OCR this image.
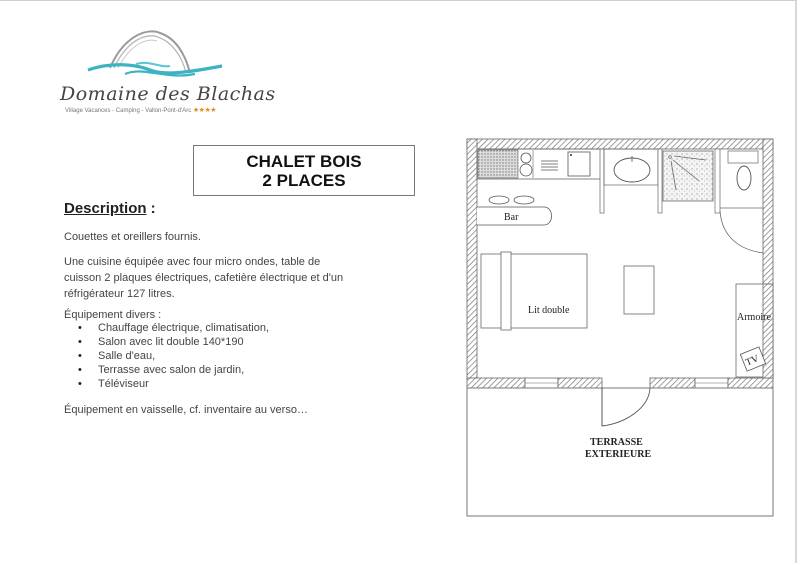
Domaine des Blachas
Village Vacances - Camping - Vallon-Pont-d'Arc ★★★★
CHALET BOIS
2 PLACES
Description :
Couettes et oreillers fournis.
Une cuisine équipée avec four micro ondes, table de cuisson 2 plaques électriques, cafetière électrique et d'un réfrigérateur 127 litres.
Équipement divers :
• Chauffage électrique, climatisation,
• Salon avec lit double 140*190
• Salle d'eau,
• Terrasse avec salon de jardin,
• Téléviseur
Équipement en vaisselle, cf. inventaire au verso…
Bar
Lit double
Armoire
TV
TERRASSE
EXTERIEURE
